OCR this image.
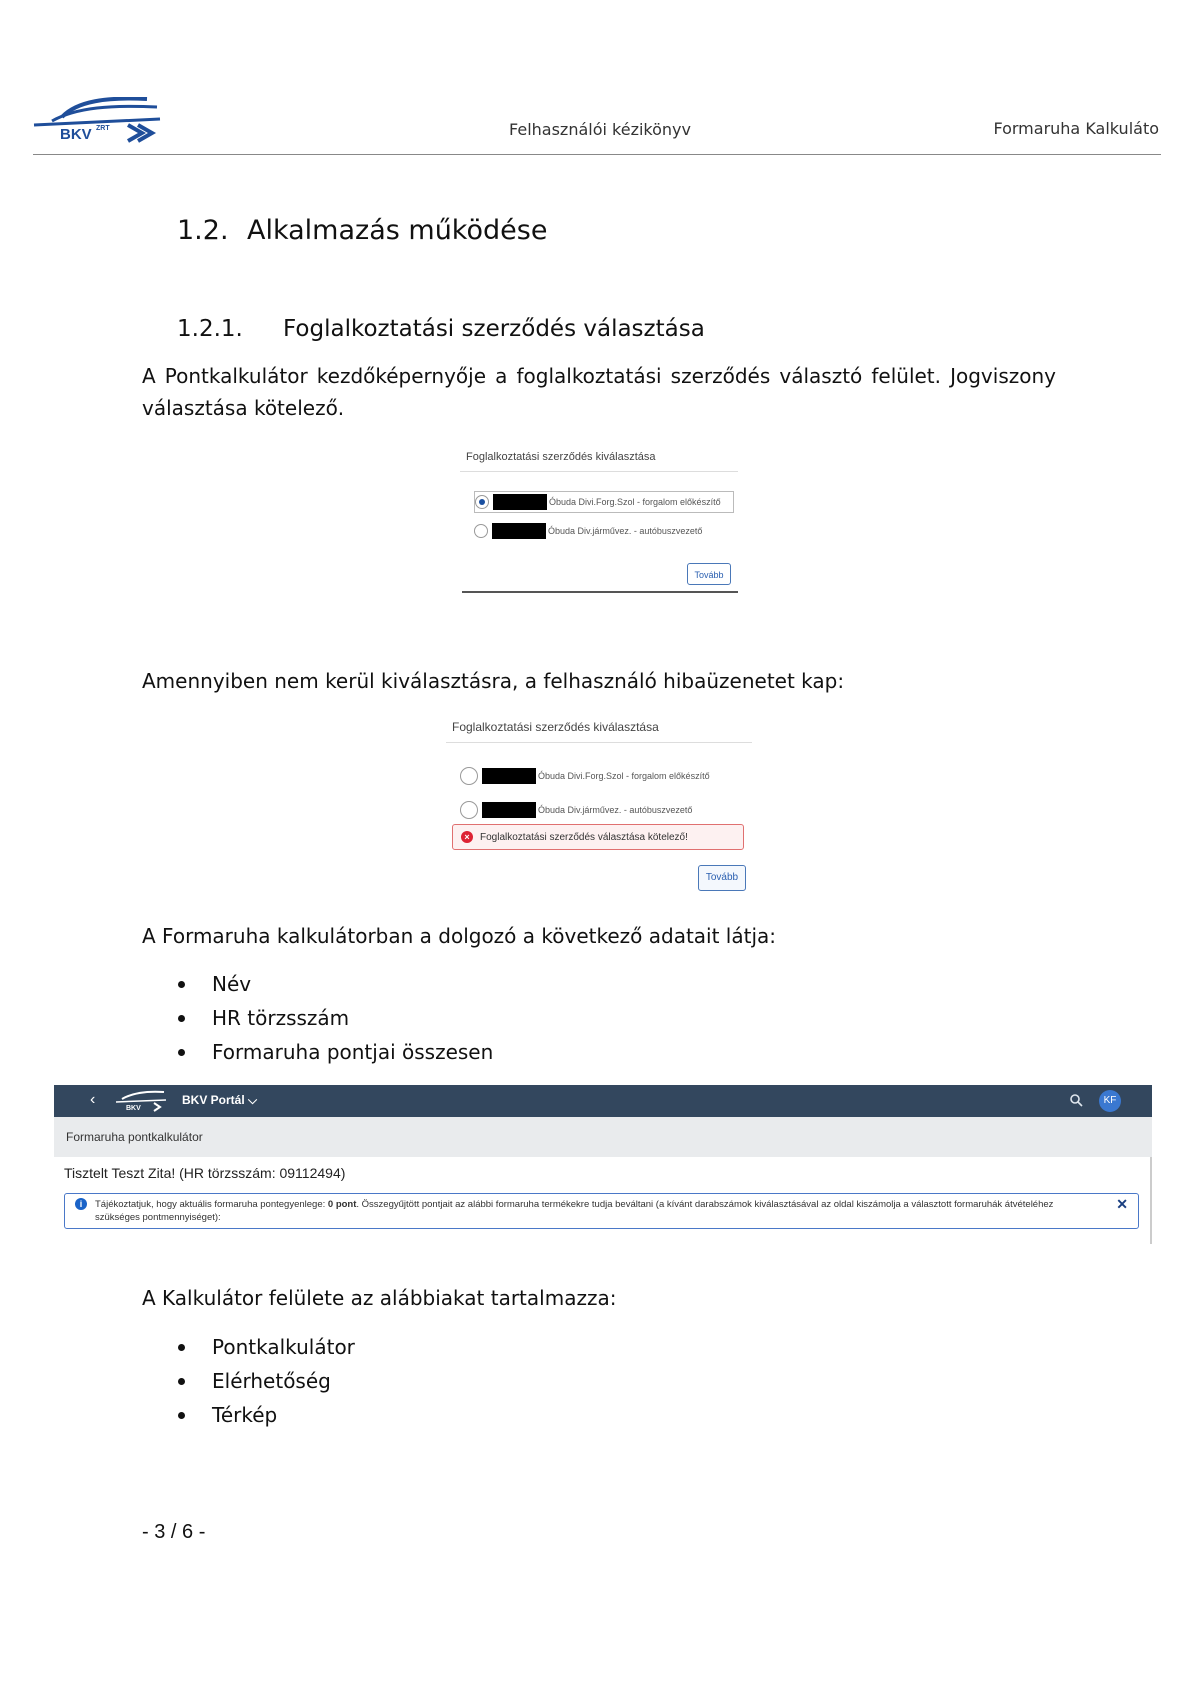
BKV ZRT	Felhasználói kézikönyv	Formaruha Kalkuláto
1.2. Alkalmazás működése
1.2.1. Foglalkoztatási szerződés választása
A Pontkalkulátor kezdőképernyője a foglalkoztatási szerződés választó felület. Jogviszony
választása kötelező.
Foglalkoztatási szerződés kiválasztása
Óbuda Divi.Forg.Szol - forgalom előkészítő
Óbuda Div.járművez. - autóbuszvezető
Tovább
Amennyiben nem kerül kiválasztásra, a felhasználó hibaüzenetet kap:
Foglalkoztatási szerződés kiválasztása
Óbuda Divi.Forg.Szol - forgalom előkészítő
Óbuda Div.járművez. - autóbuszvezető
×	Foglalkoztatási szerződés választása kötelező!
Tovább
A Formaruha kalkulátorban a dolgozó a következő adatait látja:
Név
HR törzsszám
Formaruha pontjai összesen
‹
BKV
BKV Portál ⌵	KF
Formaruha pontkalkulátor
Tisztelt Teszt Zita! (HR törzsszám: 09112494)
i	Tájékoztatjuk, hogy aktuális formaruha pontegyenlege: 0 pont. Összegyűjtött pontjait az alábbi formaruha termékekre tudja beváltani (a kívánt darabszámok kiválasztásával az oldal kiszámolja a választott formaruhák átvételéhez szükséges pontmennyiséget):
✕
A Kalkulátor felülete az alábbiakat tartalmazza:
Pontkalkulátor
Elérhetőség
Térkép
- 3 / 6 -
